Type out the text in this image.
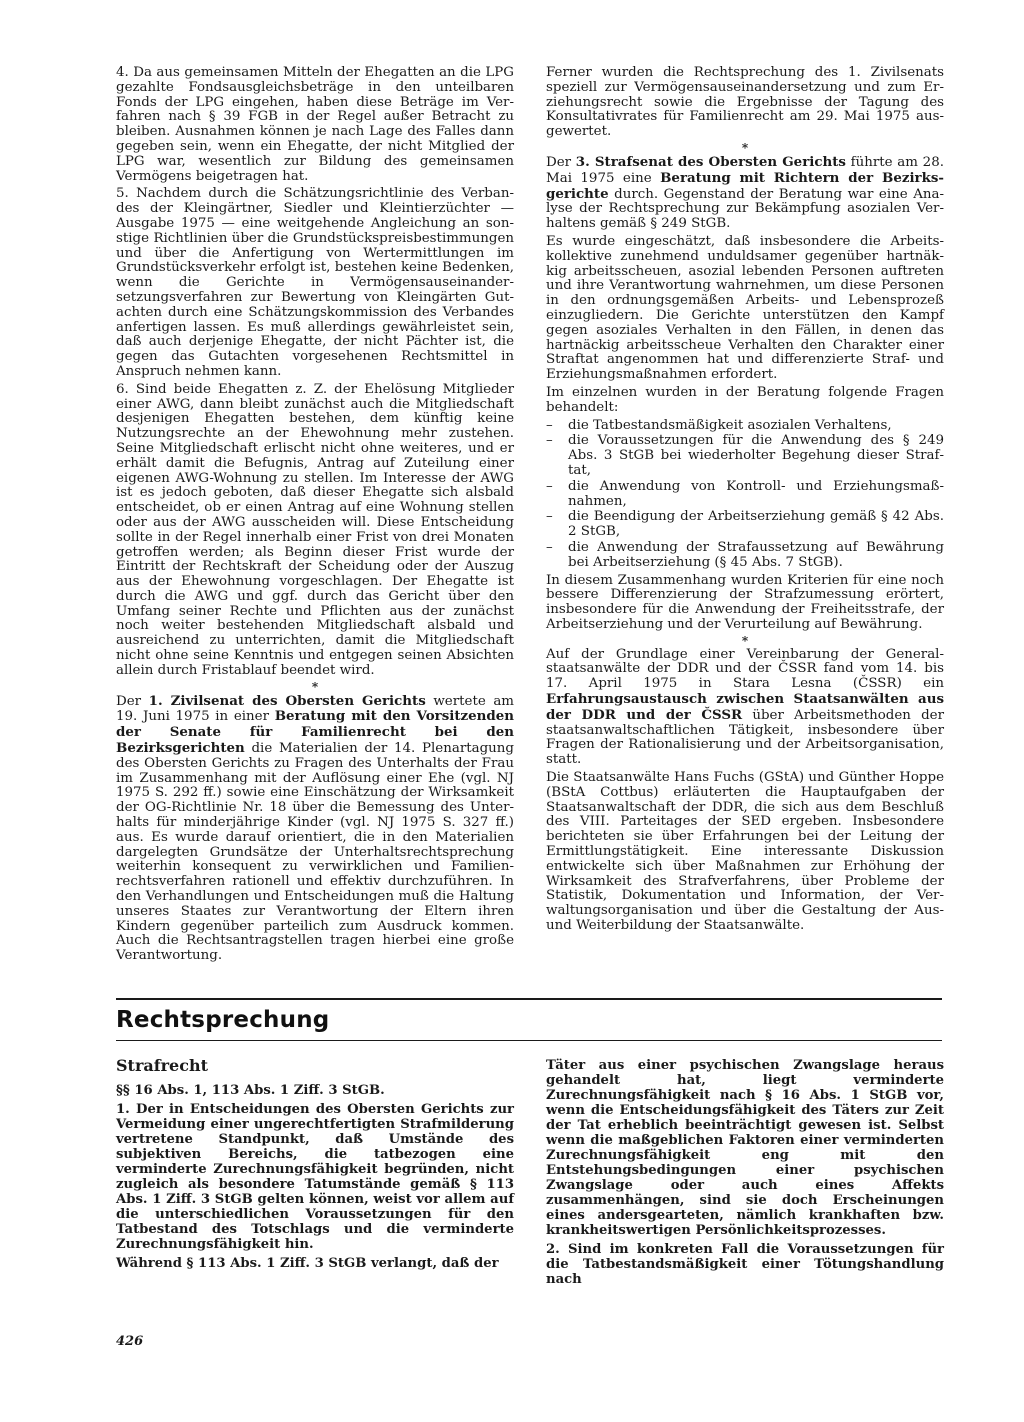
4. Da aus gemeinsamen Mitteln der Ehegatten an die LPG gezahlte Fondsausgleichsbeträge in den unteilbaren Fonds der LPG eingehen, haben diese Beträge im Verfahren nach § 39 FGB in der Regel außer Betracht zu bleiben. Ausnahmen können je nach Lage des Falles dann gegeben sein, wenn ein Ehegatte, der nicht Mitglied der LPG war, wesentlich zur Bildung des gemeinsamen Vermögens beigetragen hat.

5. Nachdem durch die Schätzungsrichtlinie des Verbandes der Kleingärtner, Siedler und Kleintierzüchter — Ausgabe 1975 — eine weitgehende Angleichung an sonstige Richtlinien über die Grundstückspreisbestimmungen und über die Anfertigung von Wertermittlungen im Grundstücksverkehr erfolgt ist, bestehen keine Bedenken, wenn die Gerichte in Vermögensauseinandersetzungsverfahren zur Bewertung von Kleingärten Gutachten durch eine Schätzungskommission des Verbandes anfertigen lassen. Es muß allerdings gewährleistet sein, daß auch derjenige Ehegatte, der nicht Pächter ist, die gegen das Gutachten vorgesehenen Rechtsmittel in Anspruch nehmen kann.

6. Sind beide Ehegatten z. Z. der Ehelösung Mitglieder einer AWG, dann bleibt zunächst auch die Mitgliedschaft desjenigen Ehegatten bestehen, dem künftig keine Nutzungsrechte an der Ehewohnung mehr zustehen. Seine Mitgliedschaft erlischt nicht ohne weiteres, und er erhält damit die Befugnis, Antrag auf Zuteilung einer eigenen AWG-Wohnung zu stellen. Im Interesse der AWG ist es jedoch geboten, daß dieser Ehegatte sich alsbald entscheidet, ob er einen Antrag auf eine Wohnung stellen oder aus der AWG ausscheiden will. Diese Entscheidung sollte in der Regel innerhalb einer Frist von drei Monaten getroffen werden; als Beginn dieser Frist wurde der Eintritt der Rechtskraft der Scheidung oder der Auszug aus der Ehewohnung vorgeschlagen. Der Ehegatte ist durch die AWG und ggf. durch das Gericht über den Umfang seiner Rechte und Pflichten aus der zunächst noch weiter bestehenden Mitgliedschaft alsbald und ausreichend zu unterrichten, damit die Mitgliedschaft nicht ohne seine Kenntnis und entgegen seinen Absichten allein durch Fristablauf beendet wird.

*

Der 1. Zivilsenat des Obersten Gerichts wertete am 19. Juni 1975 in einer Beratung mit den Vorsitzenden der Senate für Familienrecht bei den Bezirksgerichten die Materialien der 14. Plenartagung des Obersten Gerichts zu Fragen des Unterhalts der Frau im Zusammenhang mit der Auflösung einer Ehe (vgl. NJ 1975 S. 292 ff.) sowie eine Einschätzung der Wirksamkeit der OG-Richtlinie Nr. 18 über die Bemessung des Unterhalts für minderjährige Kinder (vgl. NJ 1975 S. 327 ff.) aus. Es wurde darauf orientiert, die in den Materialien dargelegten Grundsätze der Unterhaltsrechtsprechung weiterhin konsequent zu verwirklichen und Familienrechtsverfahren rationell und effektiv durchzuführen. In den Verhandlungen und Entscheidungen muß die Haltung unseres Staates zur Verantwortung der Eltern ihren Kindern gegenüber parteilich zum Ausdruck kommen. Auch die Rechtsantragstellen tragen hierbei eine große Verantwortung.

Ferner wurden die Rechtsprechung des 1. Zivilsenats speziell zur Vermögensauseinandersetzung und zum Erziehungsrecht sowie die Ergebnisse der Tagung des Konsultativrates für Familienrecht am 29. Mai 1975 ausgewertet.

*

Der 3. Strafsenat des Obersten Gerichts führte am 28. Mai 1975 eine Beratung mit Richtern der Bezirksgerichte durch. Gegenstand der Beratung war eine Analyse der Rechtsprechung zur Bekämpfung asozialen Verhaltens gemäß § 249 StGB.

Es wurde eingeschätzt, daß insbesondere die Arbeitskollektive zunehmend unduldsamer gegenüber hartnäkkig arbeitsscheuen, asozial lebenden Personen auftreten und ihre Verantwortung wahrnehmen, um diese Personen in den ordnungsgemäßen Arbeits- und Lebensprozeß einzugliedern. Die Gerichte unterstützen den Kampf gegen asoziales Verhalten in den Fällen, in denen das hartnäckig arbeitsscheue Verhalten den Charakter einer Straftat angenommen hat und differenzierte Straf- und Erziehungsmaßnahmen erfordert.

Im einzelnen wurden in der Beratung folgende Fragen behandelt:

– die Tatbestandsmäßigkeit asozialen Verhaltens,
– die Voraussetzungen für die Anwendung des § 249 Abs. 3 StGB bei wiederholter Begehung dieser Straftat,
– die Anwendung von Kontroll- und Erziehungsmaßnahmen,
– die Beendigung der Arbeitserziehung gemäß § 42 Abs. 2 StGB,
– die Anwendung der Strafaussetzung auf Bewährung bei Arbeitserziehung (§ 45 Abs. 7 StGB).

In diesem Zusammenhang wurden Kriterien für eine noch bessere Differenzierung der Strafzumessung erörtert, insbesondere für die Anwendung der Freiheitsstrafe, der Arbeitserziehung und der Verurteilung auf Bewährung.

*

Auf der Grundlage einer Vereinbarung der Generalstaatsanwälte der DDR und der ČSSR fand vom 14. bis 17. April 1975 in Stara Lesna (ČSSR) ein Erfahrungsaustausch zwischen Staatsanwälten aus der DDR und der ČSSR über Arbeitsmethoden der staatsanwaltschaftlichen Tätigkeit, insbesondere über Fragen der Rationalisierung und der Arbeitsorganisation, statt.

Die Staatsanwälte Hans Fuchs (GStA) und Günther Hoppe (BStA Cottbus) erläuterten die Hauptaufgaben der Staatsanwaltschaft der DDR, die sich aus dem Beschluß des VIII. Parteitages der SED ergeben. Insbesondere berichteten sie über Erfahrungen bei der Leitung der Ermittlungstätigkeit. Eine interessante Diskussion entwickelte sich über Maßnahmen zur Erhöhung der Wirksamkeit des Strafverfahrens, über Probleme der Statistik, Dokumentation und Information, der Verwaltungsorganisation und über die Gestaltung der Aus- und Weiterbildung der Staatsanwälte.

Rechtsprechung

Strafrecht

§§ 16 Abs. 1, 113 Abs. 1 Ziff. 3 StGB.

1. Der in Entscheidungen des Obersten Gerichts zur Vermeidung einer ungerechtfertigten Strafmilderung vertretene Standpunkt, daß Umstände des subjektiven Bereichs, die tatbezogen eine verminderte Zurechnungsfähigkeit begründen, nicht zugleich als besondere Tatumstände gemäß § 113 Abs. 1 Ziff. 3 StGB gelten können, weist vor allem auf die unterschiedlichen Voraussetzungen für den Tatbestand des Totschlags und die verminderte Zurechnungsfähigkeit hin.

Während § 113 Abs. 1 Ziff. 3 StGB verlangt, daß der

Täter aus einer psychischen Zwangslage heraus gehandelt hat, liegt verminderte Zurechnungsfähigkeit nach § 16 Abs. 1 StGB vor, wenn die Entscheidungsfähigkeit des Täters zur Zeit der Tat erheblich beeinträchtigt gewesen ist. Selbst wenn die maßgeblichen Faktoren einer verminderten Zurechnungsfähigkeit eng mit den Entstehungsbedingungen einer psychischen Zwangslage oder auch eines Affekts zusammenhängen, sind sie doch Erscheinungen eines andersgearteten, nämlich krankhaften bzw. krankheitswertigen Persönlichkeitsprozesses.

2. Sind im konkreten Fall die Voraussetzungen für die Tatbestandsmäßigkeit einer Tötungshandlung nach

426
